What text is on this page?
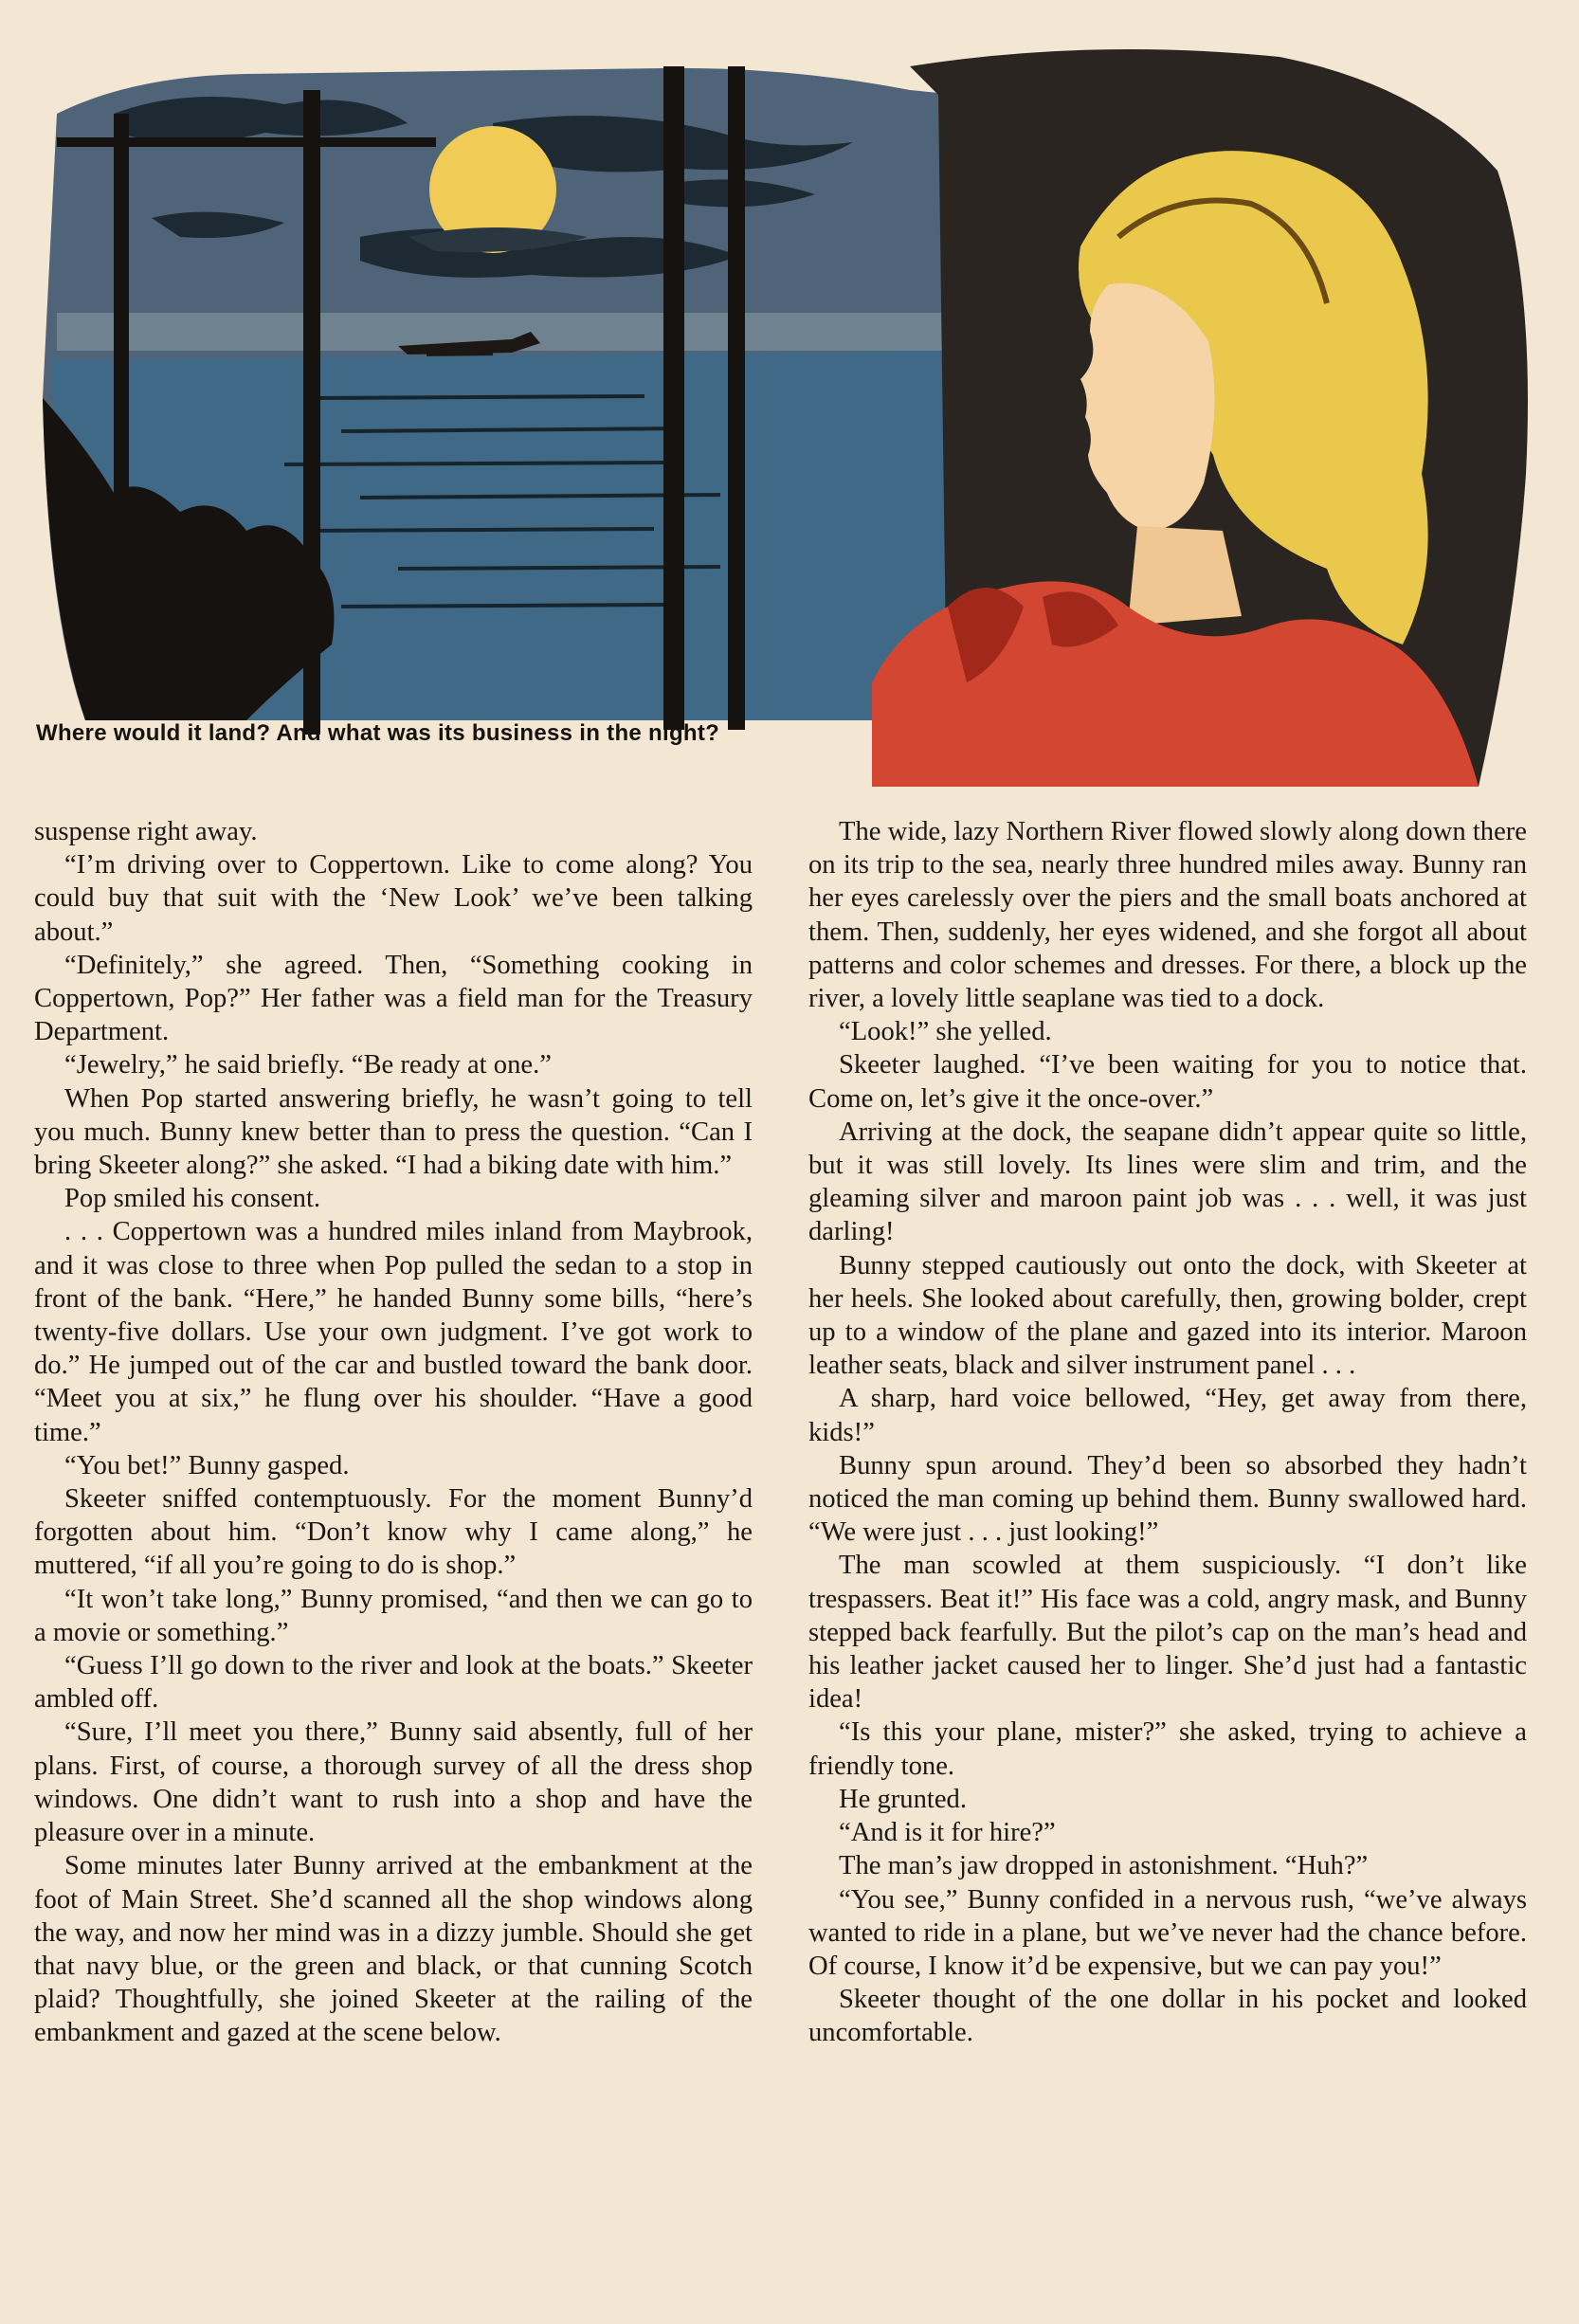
Where would it land? And what was its business in the night?

suspense right away.

“I’m driving over to Coppertown. Like to come along? You could buy that suit with the ‘New Look’ we’ve been talking about.”

“Definitely,” she agreed. Then, “Something cooking in Coppertown, Pop?” Her father was a field man for the Treasury Department.

“Jewelry,” he said briefly. “Be ready at one.”

When Pop started answering briefly, he wasn’t going to tell you much. Bunny knew better than to press the question. “Can I bring Skeeter along?” she asked. “I had a biking date with him.”

Pop smiled his consent.

. . . Coppertown was a hundred miles inland from Maybrook, and it was close to three when Pop pulled the sedan to a stop in front of the bank. “Here,” he handed Bunny some bills, “here’s twenty-five dollars. Use your own judgment. I’ve got work to do.” He jumped out of the car and bustled toward the bank door. “Meet you at six,” he flung over his shoulder. “Have a good time.”

“You bet!” Bunny gasped.

Skeeter sniffed contemptuously. For the moment Bunny’d forgotten about him. “Don’t know why I came along,” he muttered, “if all you’re going to do is shop.”

“It won’t take long,” Bunny promised, “and then we can go to a movie or something.”

“Guess I’ll go down to the river and look at the boats.” Skeeter ambled off.

“Sure, I’ll meet you there,” Bunny said absently, full of her plans. First, of course, a thorough survey of all the dress shop windows. One didn’t want to rush into a shop and have the pleasure over in a minute.

Some minutes later Bunny arrived at the embankment at the foot of Main Street. She’d scanned all the shop windows along the way, and now her mind was in a dizzy jumble. Should she get that navy blue, or the green and black, or that cunning Scotch plaid? Thoughtfully, she joined Skeeter at the railing of the embankment and gazed at the scene below.

The wide, lazy Northern River flowed slowly along down there on its trip to the sea, nearly three hundred miles away. Bunny ran her eyes carelessly over the piers and the small boats anchored at them. Then, suddenly, her eyes widened, and she forgot all about patterns and color schemes and dresses. For there, a block up the river, a lovely little seaplane was tied to a dock.

“Look!” she yelled.

Skeeter laughed. “I’ve been waiting for you to notice that. Come on, let’s give it the once-over.”

Arriving at the dock, the seapane didn’t appear quite so little, but it was still lovely. Its lines were slim and trim, and the gleaming silver and maroon paint job was . . . well, it was just darling!

Bunny stepped cautiously out onto the dock, with Skeeter at her heels. She looked about carefully, then, growing bolder, crept up to a window of the plane and gazed into its interior. Maroon leather seats, black and silver instrument panel . . .

A sharp, hard voice bellowed, “Hey, get away from there, kids!”

Bunny spun around. They’d been so absorbed they hadn’t noticed the man coming up behind them. Bunny swallowed hard. “We were just . . . just looking!”

The man scowled at them suspiciously. “I don’t like trespassers. Beat it!” His face was a cold, angry mask, and Bunny stepped back fearfully. But the pilot’s cap on the man’s head and his leather jacket caused her to linger. She’d just had a fantastic idea!

“Is this your plane, mister?” she asked, trying to achieve a friendly tone.

He grunted.

“And is it for hire?”

The man’s jaw dropped in astonishment. “Huh?”

“You see,” Bunny confided in a nervous rush, “we’ve always wanted to ride in a plane, but we’ve never had the chance before. Of course, I know it’d be expensive, but we can pay you!”

Skeeter thought of the one dollar in his pocket and looked uncomfortable.
